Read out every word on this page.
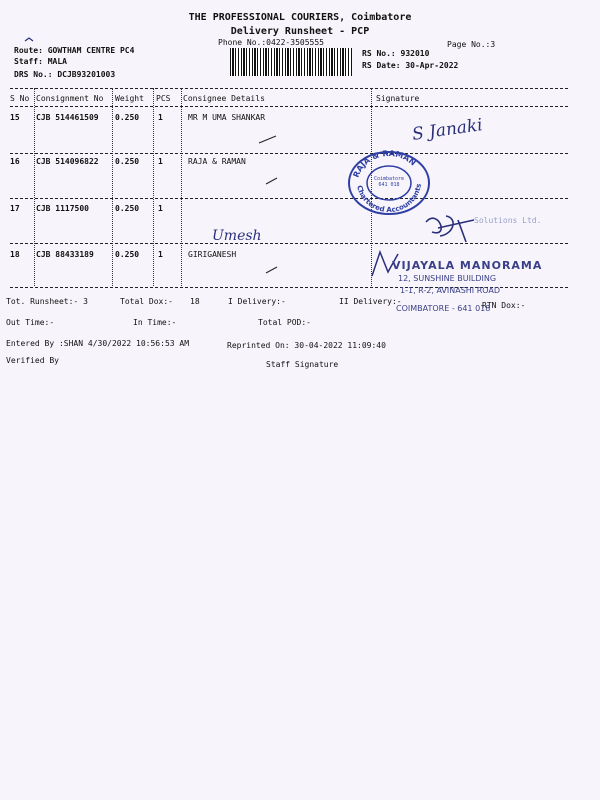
THE PROFESSIONAL COURIERS, Coimbatore
Delivery Runsheet - PCP
Phone No.:0422-3505555	Page No.:3
Route: GOWTHAM CENTRE PC4
Staff: MALA
DRS No.: DCJB93201003
RS No.: 932010
RS Date: 30-Apr-2022
S No Consignment No Weight PCS Consignee Details	Signature
15 CJB 514461509 0.250 1	MR M UMA SHANKAR
16 CJB 514096822 0.250 1	RAJA & RAMAN
17 CJB 1117500	0.250 1
18 CJB 88433189	0.250 1	GIRIGANESH
S Janaki
Umesh
RAJA & RAMAN
Chartered Accountants
Coimbatore 641 018
Solutions Ltd.
VIJAYALA MANORAMA
12, SUNSHINE BUILDING
1-1, R-2, AVINASHI ROAD
COIMBATORE - 641 018
Tot. Runsheet:- 3	Total Dox:- 18	I Delivery:-	II Delivery:-	RTN Dox:-
Out Time:-	In Time:-	Total POD:-
Entered By :SHAN 4/30/2022 10:56:53 AM	Reprinted On: 30-04-2022 11:09:40
Verified By	Staff Signature
